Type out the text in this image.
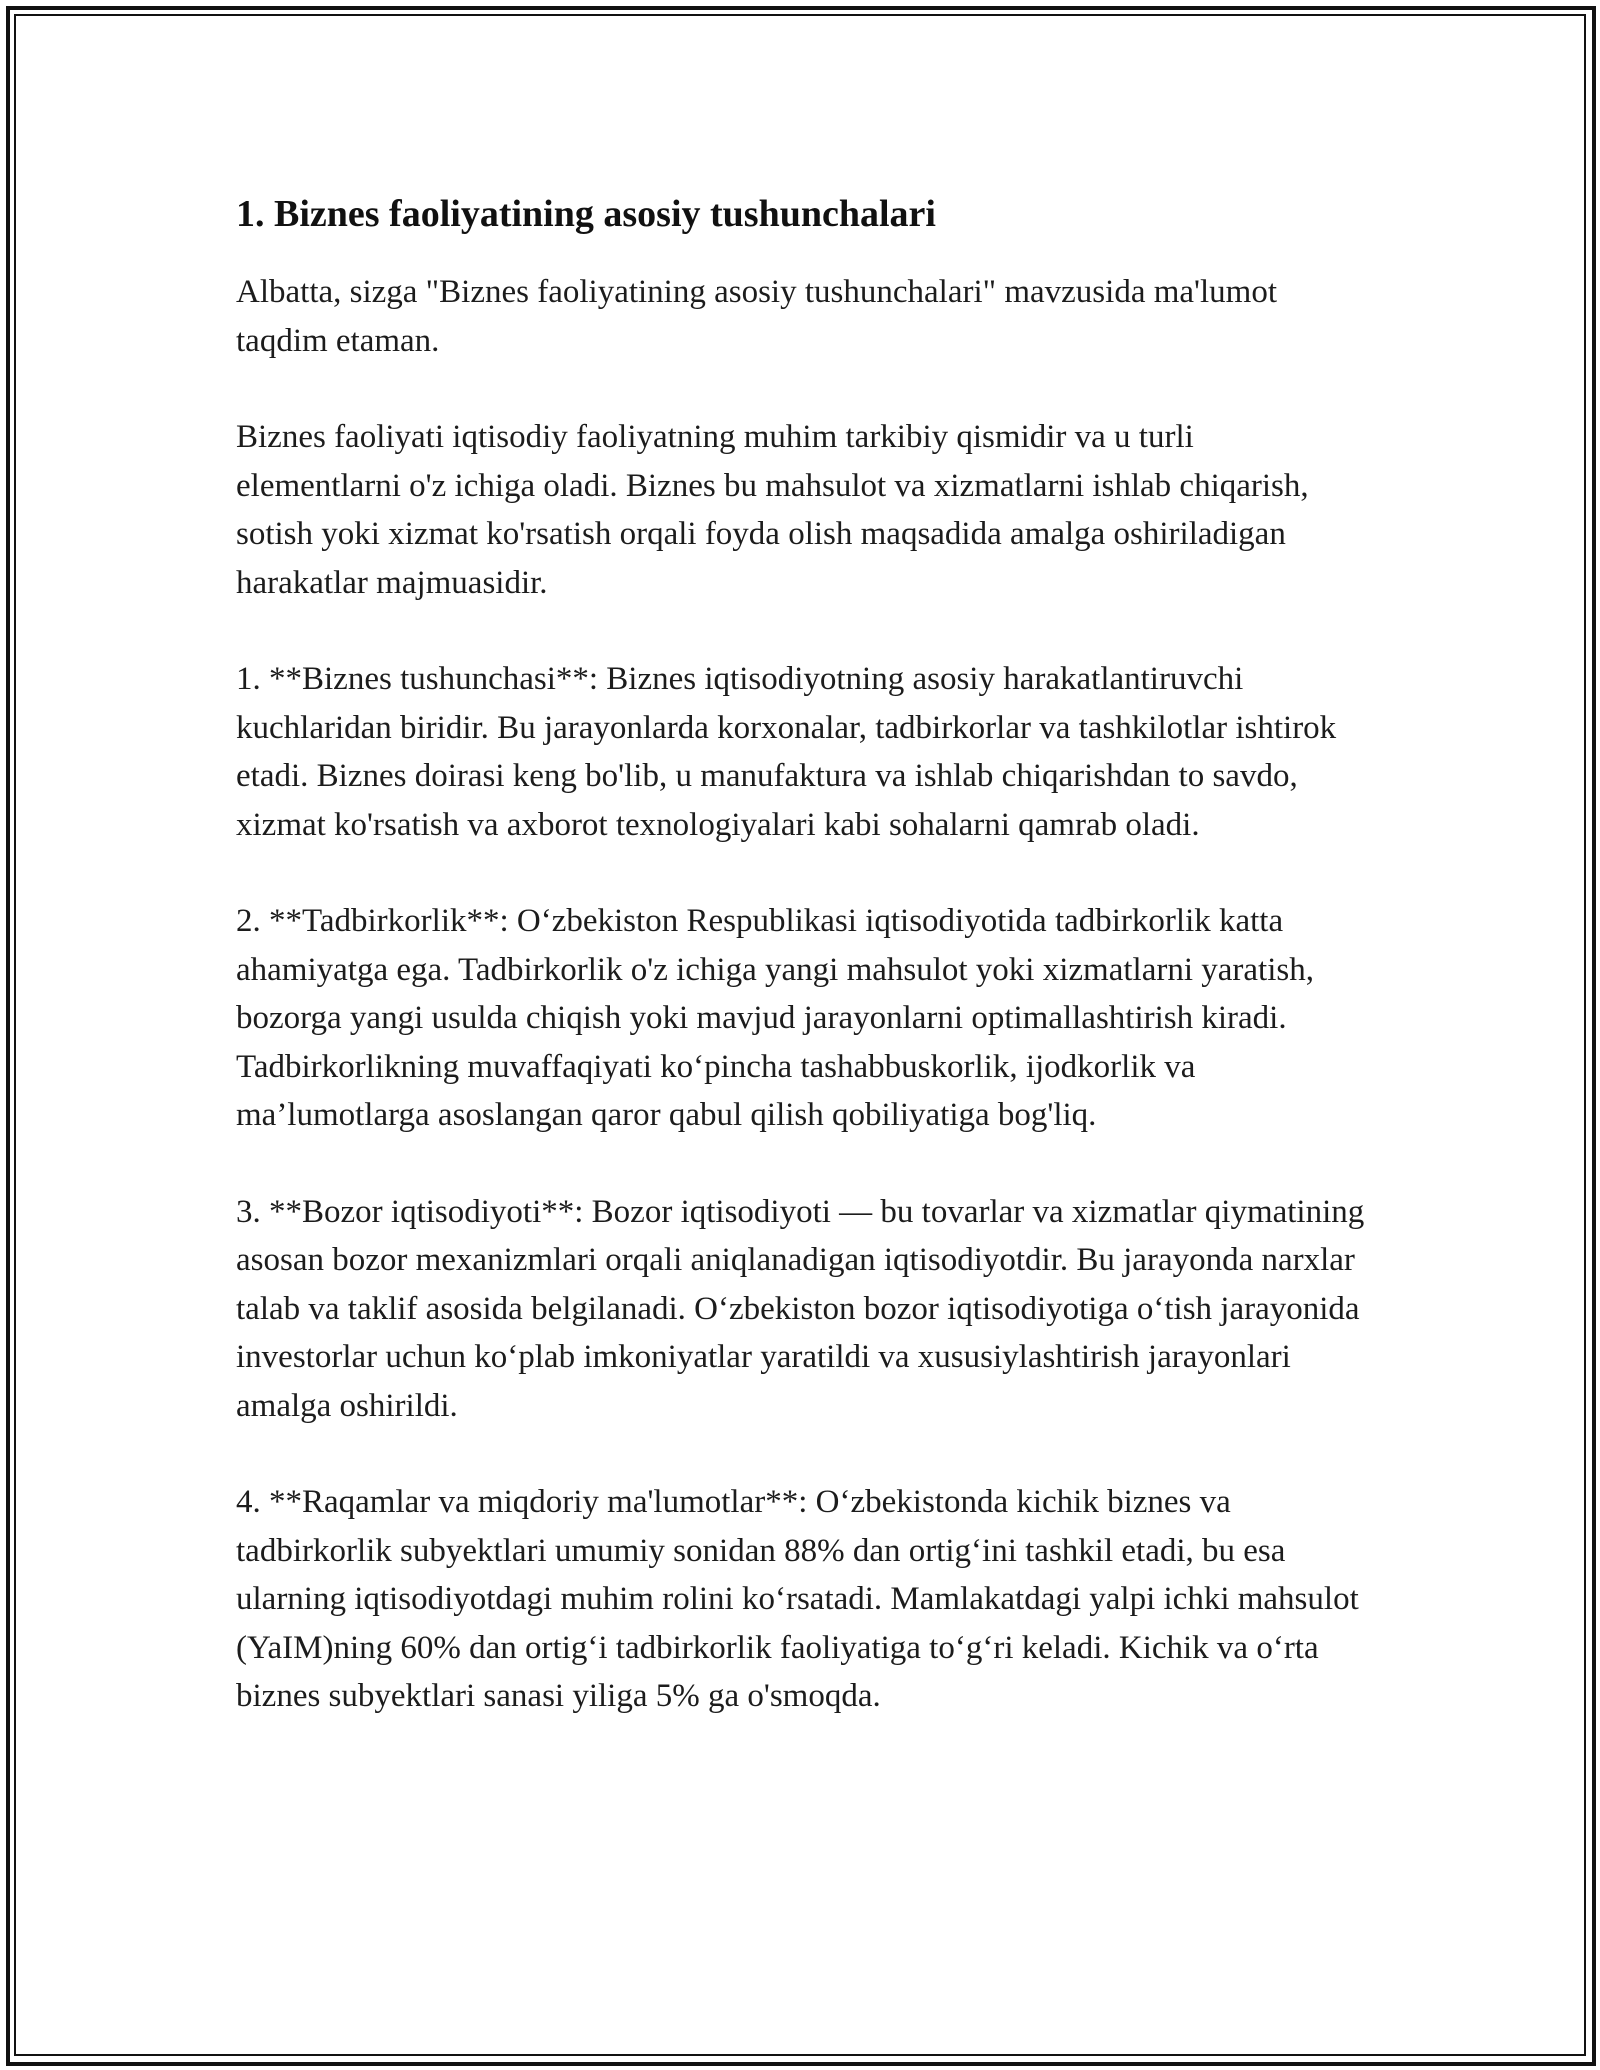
1. Biznes faoliyatining asosiy tushunchalari

Albatta, sizga "Biznes faoliyatining asosiy tushunchalari" mavzusida ma'lumot taqdim etaman.

Biznes faoliyati iqtisodiy faoliyatning muhim tarkibiy qismidir va u turli elementlarni o'z ichiga oladi. Biznes bu mahsulot va xizmatlarni ishlab chiqarish, sotish yoki xizmat ko'rsatish orqali foyda olish maqsadida amalga oshiriladigan harakatlar majmuasidir.

1. **Biznes tushunchasi**: Biznes iqtisodiyotning asosiy harakatlantiruvchi kuchlaridan biridir. Bu jarayonlarda korxonalar, tadbirkorlar va tashkilotlar ishtirok etadi. Biznes doirasi keng bo'lib, u manufaktura va ishlab chiqarishdan to savdo, xizmat ko'rsatish va axborot texnologiyalari kabi sohalarni qamrab oladi.

2. **Tadbirkorlik**: O‘zbekiston Respublikasi iqtisodiyotida tadbirkorlik katta ahamiyatga ega. Tadbirkorlik o'z ichiga yangi mahsulot yoki xizmatlarni yaratish, bozorga yangi usulda chiqish yoki mavjud jarayonlarni optimallashtirish kiradi. Tadbirkorlikning muvaffaqiyati ko‘pincha tashabbuskorlik, ijodkorlik va ma’lumotlarga asoslangan qaror qabul qilish qobiliyatiga bog'liq.

3. **Bozor iqtisodiyoti**: Bozor iqtisodiyoti — bu tovarlar va xizmatlar qiymatining asosan bozor mexanizmlari orqali aniqlanadigan iqtisodiyotdir. Bu jarayonda narxlar talab va taklif asosida belgilanadi. O‘zbekiston bozor iqtisodiyotiga o‘tish jarayonida investorlar uchun ko‘plab imkoniyatlar yaratildi va xususiylashtirish jarayonlari amalga oshirildi.

4. **Raqamlar va miqdoriy ma'lumotlar**: O‘zbekistonda kichik biznes va tadbirkorlik subyektlari umumiy sonidan 88% dan ortig‘ini tashkil etadi, bu esa ularning iqtisodiyotdagi muhim rolini ko‘rsatadi. Mamlakatdagi yalpi ichki mahsulot (YaIM)ning 60% dan ortig‘i tadbirkorlik faoliyatiga to‘g‘ri keladi. Kichik va o‘rta biznes subyektlari sanasi yiliga 5% ga o'smoqda.
